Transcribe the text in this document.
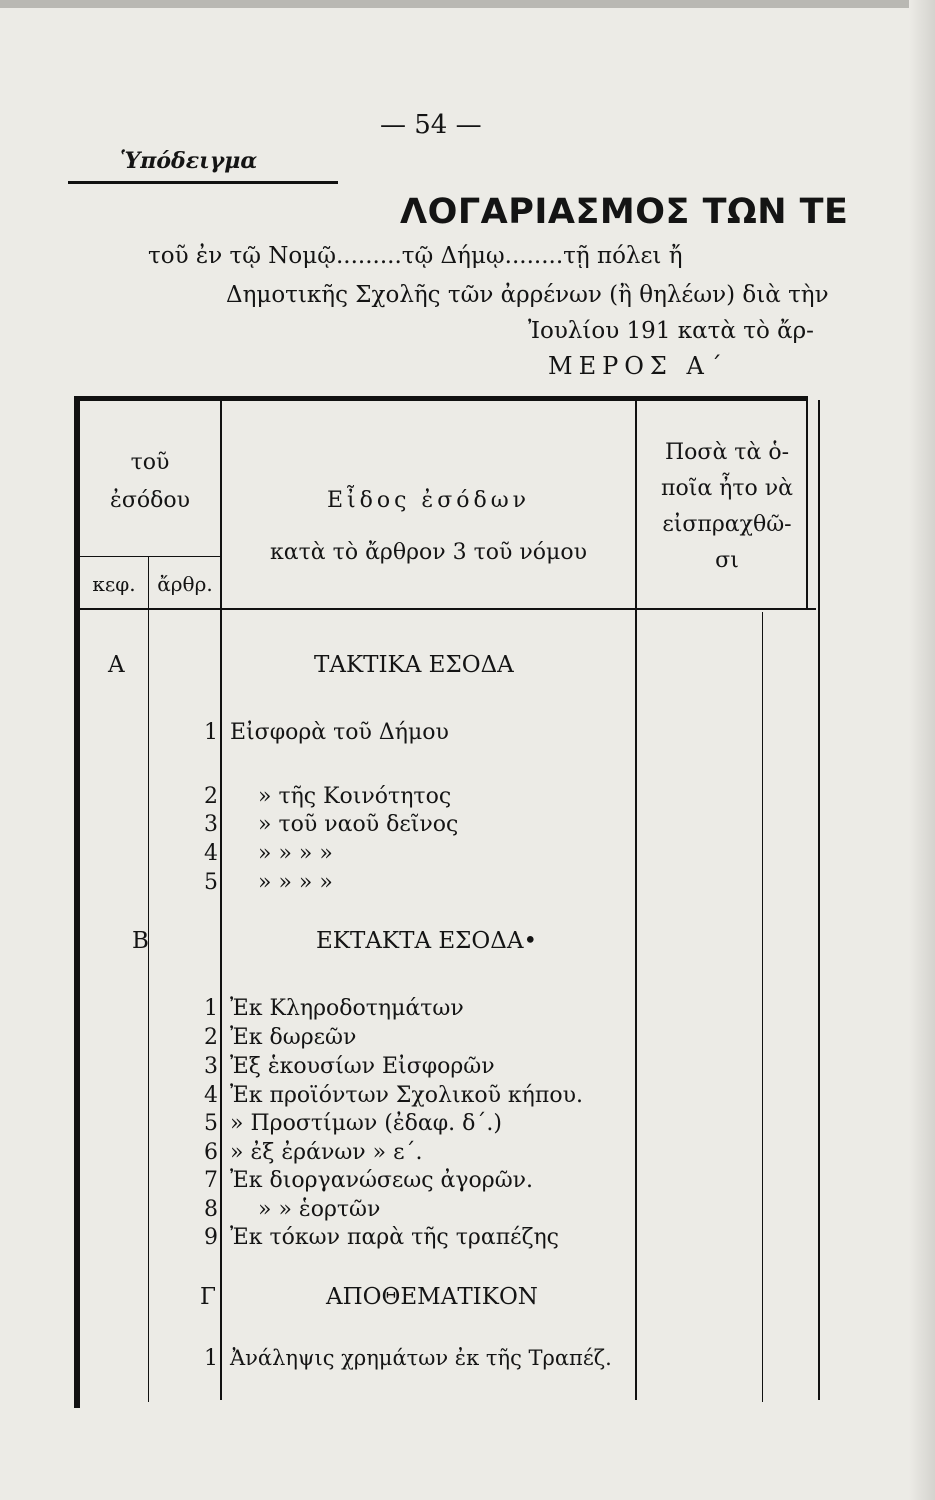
— 54 —
Ὑπόδειγμα
ΛΟΓΑΡΙΑΣΜΟΣ ΤΩΝ ΤΕ
τοῦ ἐν τῷ Νομῷ.........τῷ Δήμῳ........τῇ πόλει ἤ
Δημοτικῆς Σχολῆς τῶν ἀρρένων (ἢ θηλέων) διὰ τὴν
Ἰουλίου 191 κατὰ τὸ ἄρ-
ΜΕΡΟΣ Α΄
τοῦ
ἐσόδου
κεφ.	ἄρθρ.
Εἶδος ἐσόδων
κατὰ τὸ ἄρθρον 3 τοῦ νόμου
Ποσὰ τὰ ὁ-
ποῖα ἦτο νὰ
εἰσπραχθῶ-
σι
Α	ΤΑΚΤΙΚΑ ΕΣΟΔΑ
1 Εἰσφορὰ τοῦ Δήμου
2 » τῆς Κοινότητος
3 » τοῦ ναοῦ δεῖνος
4 » » » »
5 » » » »
Β	ΕΚΤΑΚΤΑ ΕΣΟΔΑ•
1 Ἐκ Κληροδοτημάτων
2 Ἐκ δωρεῶν
3 Ἐξ ἑκουσίων Εἰσφορῶν
4 Ἐκ προϊόντων Σχολικοῦ κήπου.
5 » Προστίμων (ἐδαφ. δ΄.)
6 » ἐξ ἐράνων » ε΄.
7 Ἐκ διοργανώσεως ἀγορῶν.
8 » » ἑορτῶν
9 Ἐκ τόκων παρὰ τῆς τραπέζης
Γ	ΑΠΟΘΕΜΑΤΙΚΟΝ
1 Ἀνάληψις χρημάτων ἐκ τῆς Τραπέζ.
